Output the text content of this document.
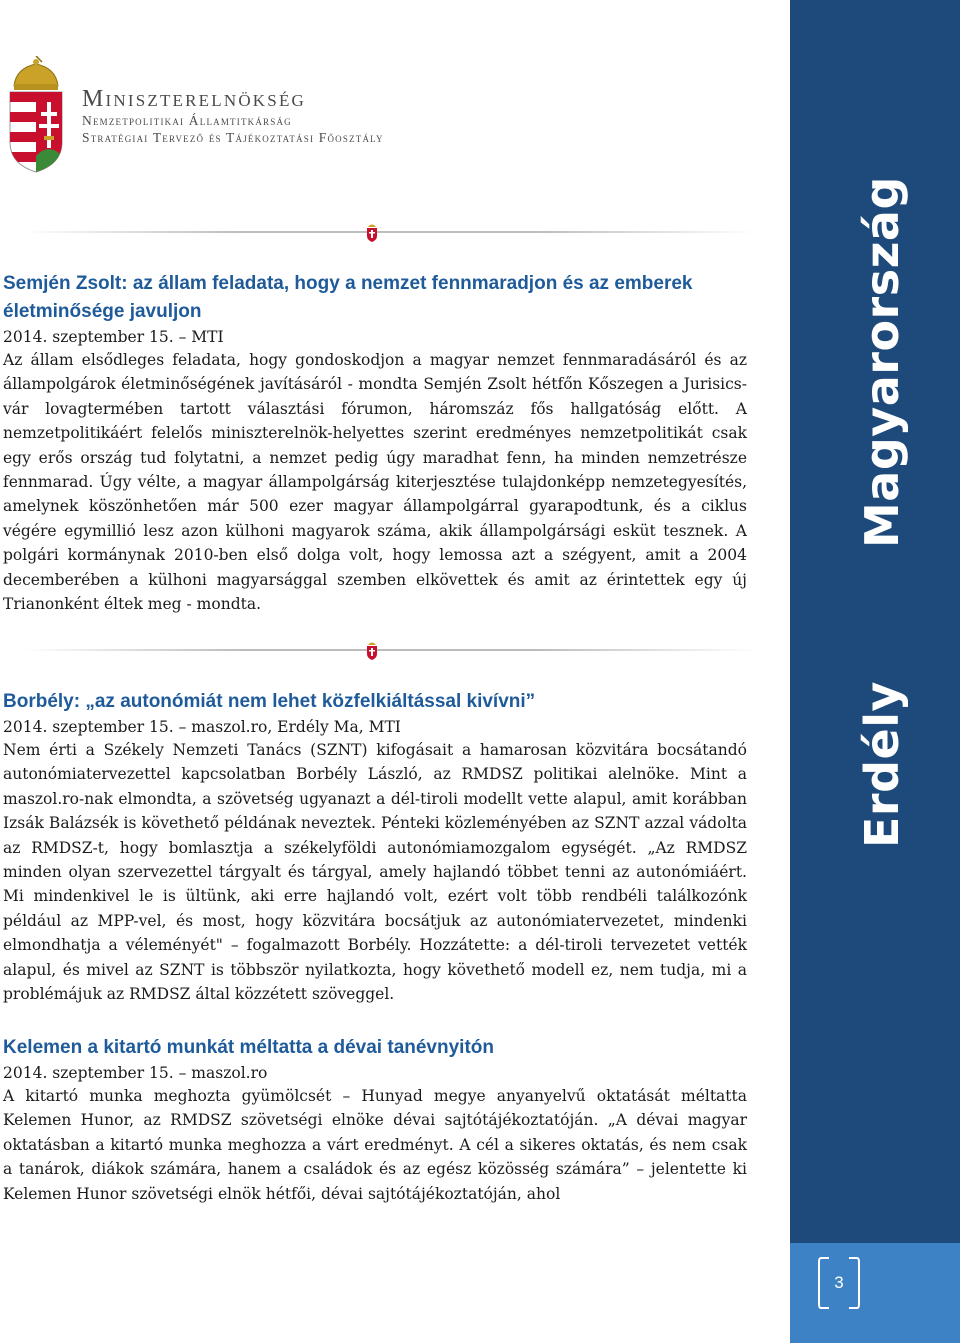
Miniszterelnökség
Nemzetpolitikai Államtitkárság
Stratégiai Tervező és Tájékoztatási Főosztály
Semjén Zsolt: az állam feladata, hogy a nemzet fennmaradjon és az emberek életminősége javuljon

2014. szeptember 15. – MTI

Az állam elsődleges feladata, hogy gondoskodjon a magyar nemzet fennmaradásáról és az állampolgárok életminőségének javításáról - mondta Semjén Zsolt hétfőn Kőszegen a Jurisics-vár lovagtermében tartott választási fórumon, háromszáz fős hallgatóság előtt. A nemzetpolitikáért felelős miniszterelnök-helyettes szerint eredményes nemzetpolitikát csak egy erős ország tud folytatni, a nemzet pedig úgy maradhat fenn, ha minden nemzetrésze fennmarad. Úgy vélte, a magyar állampolgárság kiterjesztése tulajdonképp nemzetegyesítés, amelynek köszönhetően már 500 ezer magyar állampolgárral gyarapodtunk, és a ciklus végére egymillió lesz azon külhoni magyarok száma, akik állampolgársági esküt tesznek. A polgári kormánynak 2010-ben első dolga volt, hogy lemossa azt a szégyent, amit a 2004 decemberében a külhoni magyarsággal szemben elkövettek és amit az érintettek egy új Trianonként éltek meg - mondta.

Borbély: „az autonómiát nem lehet közfelkiáltással kivívni”

2014. szeptember 15. – maszol.ro, Erdély Ma, MTI

Nem érti a Székely Nemzeti Tanács (SZNT) kifogásait a hamarosan közvitára bocsátandó autonómiatervezettel kapcsolatban Borbély László, az RMDSZ politikai alelnöke. Mint a maszol.ro-nak elmondta, a szövetség ugyanazt a dél-tiroli modellt vette alapul, amit korábban Izsák Balázsék is követhető példának neveztek. Pénteki közleményében az SZNT azzal vádolta az RMDSZ-t, hogy bomlasztja a székelyföldi autonómiamozgalom egységét. „Az RMDSZ minden olyan szervezettel tárgyalt és tárgyal, amely hajlandó többet tenni az autonómiáért. Mi mindenkivel le is ültünk, aki erre hajlandó volt, ezért volt több rendbéli találkozónk például az MPP-vel, és most, hogy közvitára bocsátjuk az autonómiatervezetet, mindenki elmondhatja a véleményét" – fogalmazott Borbély. Hozzátette: a dél-tiroli tervezetet vették alapul, és mivel az SZNT is többször nyilatkozta, hogy követhető modell ez, nem tudja, mi a problémájuk az RMDSZ által közzétett szöveggel.

Kelemen a kitartó munkát méltatta a dévai tanévnyitón

2014. szeptember 15. – maszol.ro

A kitartó munka meghozta gyümölcsét – Hunyad megye anyanyelvű oktatását méltatta Kelemen Hunor, az RMDSZ szövetségi elnöke dévai sajtótájékoztatóján. „A dévai magyar oktatásban a kitartó munka meghozza a várt eredményt. A cél a sikeres oktatás, és nem csak a tanárok, diákok számára, hanem a családok és az egész közösség számára” – jelentette ki Kelemen Hunor szövetségi elnök hétfői, dévai sajtótájékoztatóján, ahol

Magyarország
Erdély
3
